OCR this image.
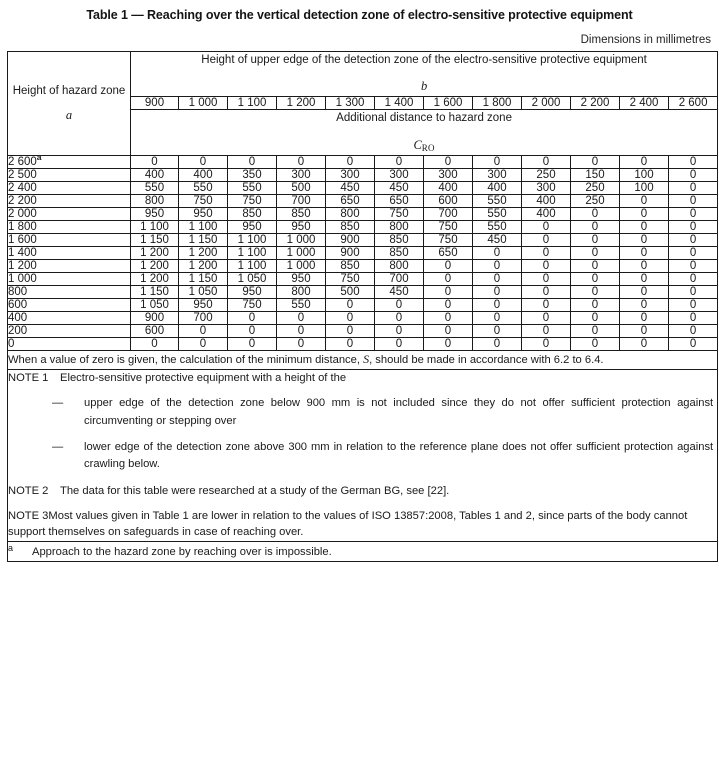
Table 1 — Reaching over the vertical detection zone of electro-sensitive protective equipment
Dimensions in millimetres
Height of hazard zone
a	Height of upper edge of the detection zone of the electro-sensitive protective equipment
b											

	900	1 000	1 100	1 200	1 300	1 400	1 600	1 800	2 000	2 200	2 400	2 600
	Additional distance to hazard zone
$C_{RO}$

2 600$^a$	0	0	0	0	0	0	0	0	0	0	0	0
2 500	400	400	350	300	300	300	300	300	250	150	100	0
2 400	550	550	550	500	450	450	400	400	300	250	100	0
2 200	800	750	750	700	650	650	600	550	400	250	0	0
2 000	950	950	850	850	800	750	700	550	400	0	0	0
1 800	1 100	1 100	950	950	850	800	750	550	0	0	0	0
1 600	1 150	1 150	1 100	1 000	900	850	750	450	0	0	0	0
1 400	1 200	1 200	1 100	1 000	900	850	650	0	0	0	0	0
1 200	1 200	1 200	1 100	1 000	850	800	0	0	0	0	0	0
1 000	1 200	1 150	1 050	950	750	700	0	0	0	0	0	0
800	1 150	1 050	950	800	500	450	0	0	0	0	0	0
600	1 050	950	750	550	0	0	0	0	0	0	0	0
400	900	700	0	0	0	0	0	0	0	0	0	0
200	600	0	0	0	0	0	0	0	0	0	0	0
0	0	0	0	0	0	0	0	0	0	0	0	0
When a value of zero is given, the calculation of the minimum distance, S, should be made in accordance with 6.2 to 6.4.												

NOTE 1	Electro-sensitive protective equipment with a height of the
—	upper edge of the detection zone below 900 mm is not included since they do not offer sufficient protection against circumventing or stepping over
—	lower edge of the detection zone above 300 mm in relation to the reference plane does not offer sufficient protection against crawling below.
NOTE 2	The data for this table were researched at a study of the German BG, see [22].
NOTE 3Most values given in Table 1 are lower in relation to the values of ISO 13857:2008, Tables 1 and 2, since parts of the body cannot support themselves on safeguards in case of reaching over.

a Approach to the hazard zone by reaching over is impossible.												
